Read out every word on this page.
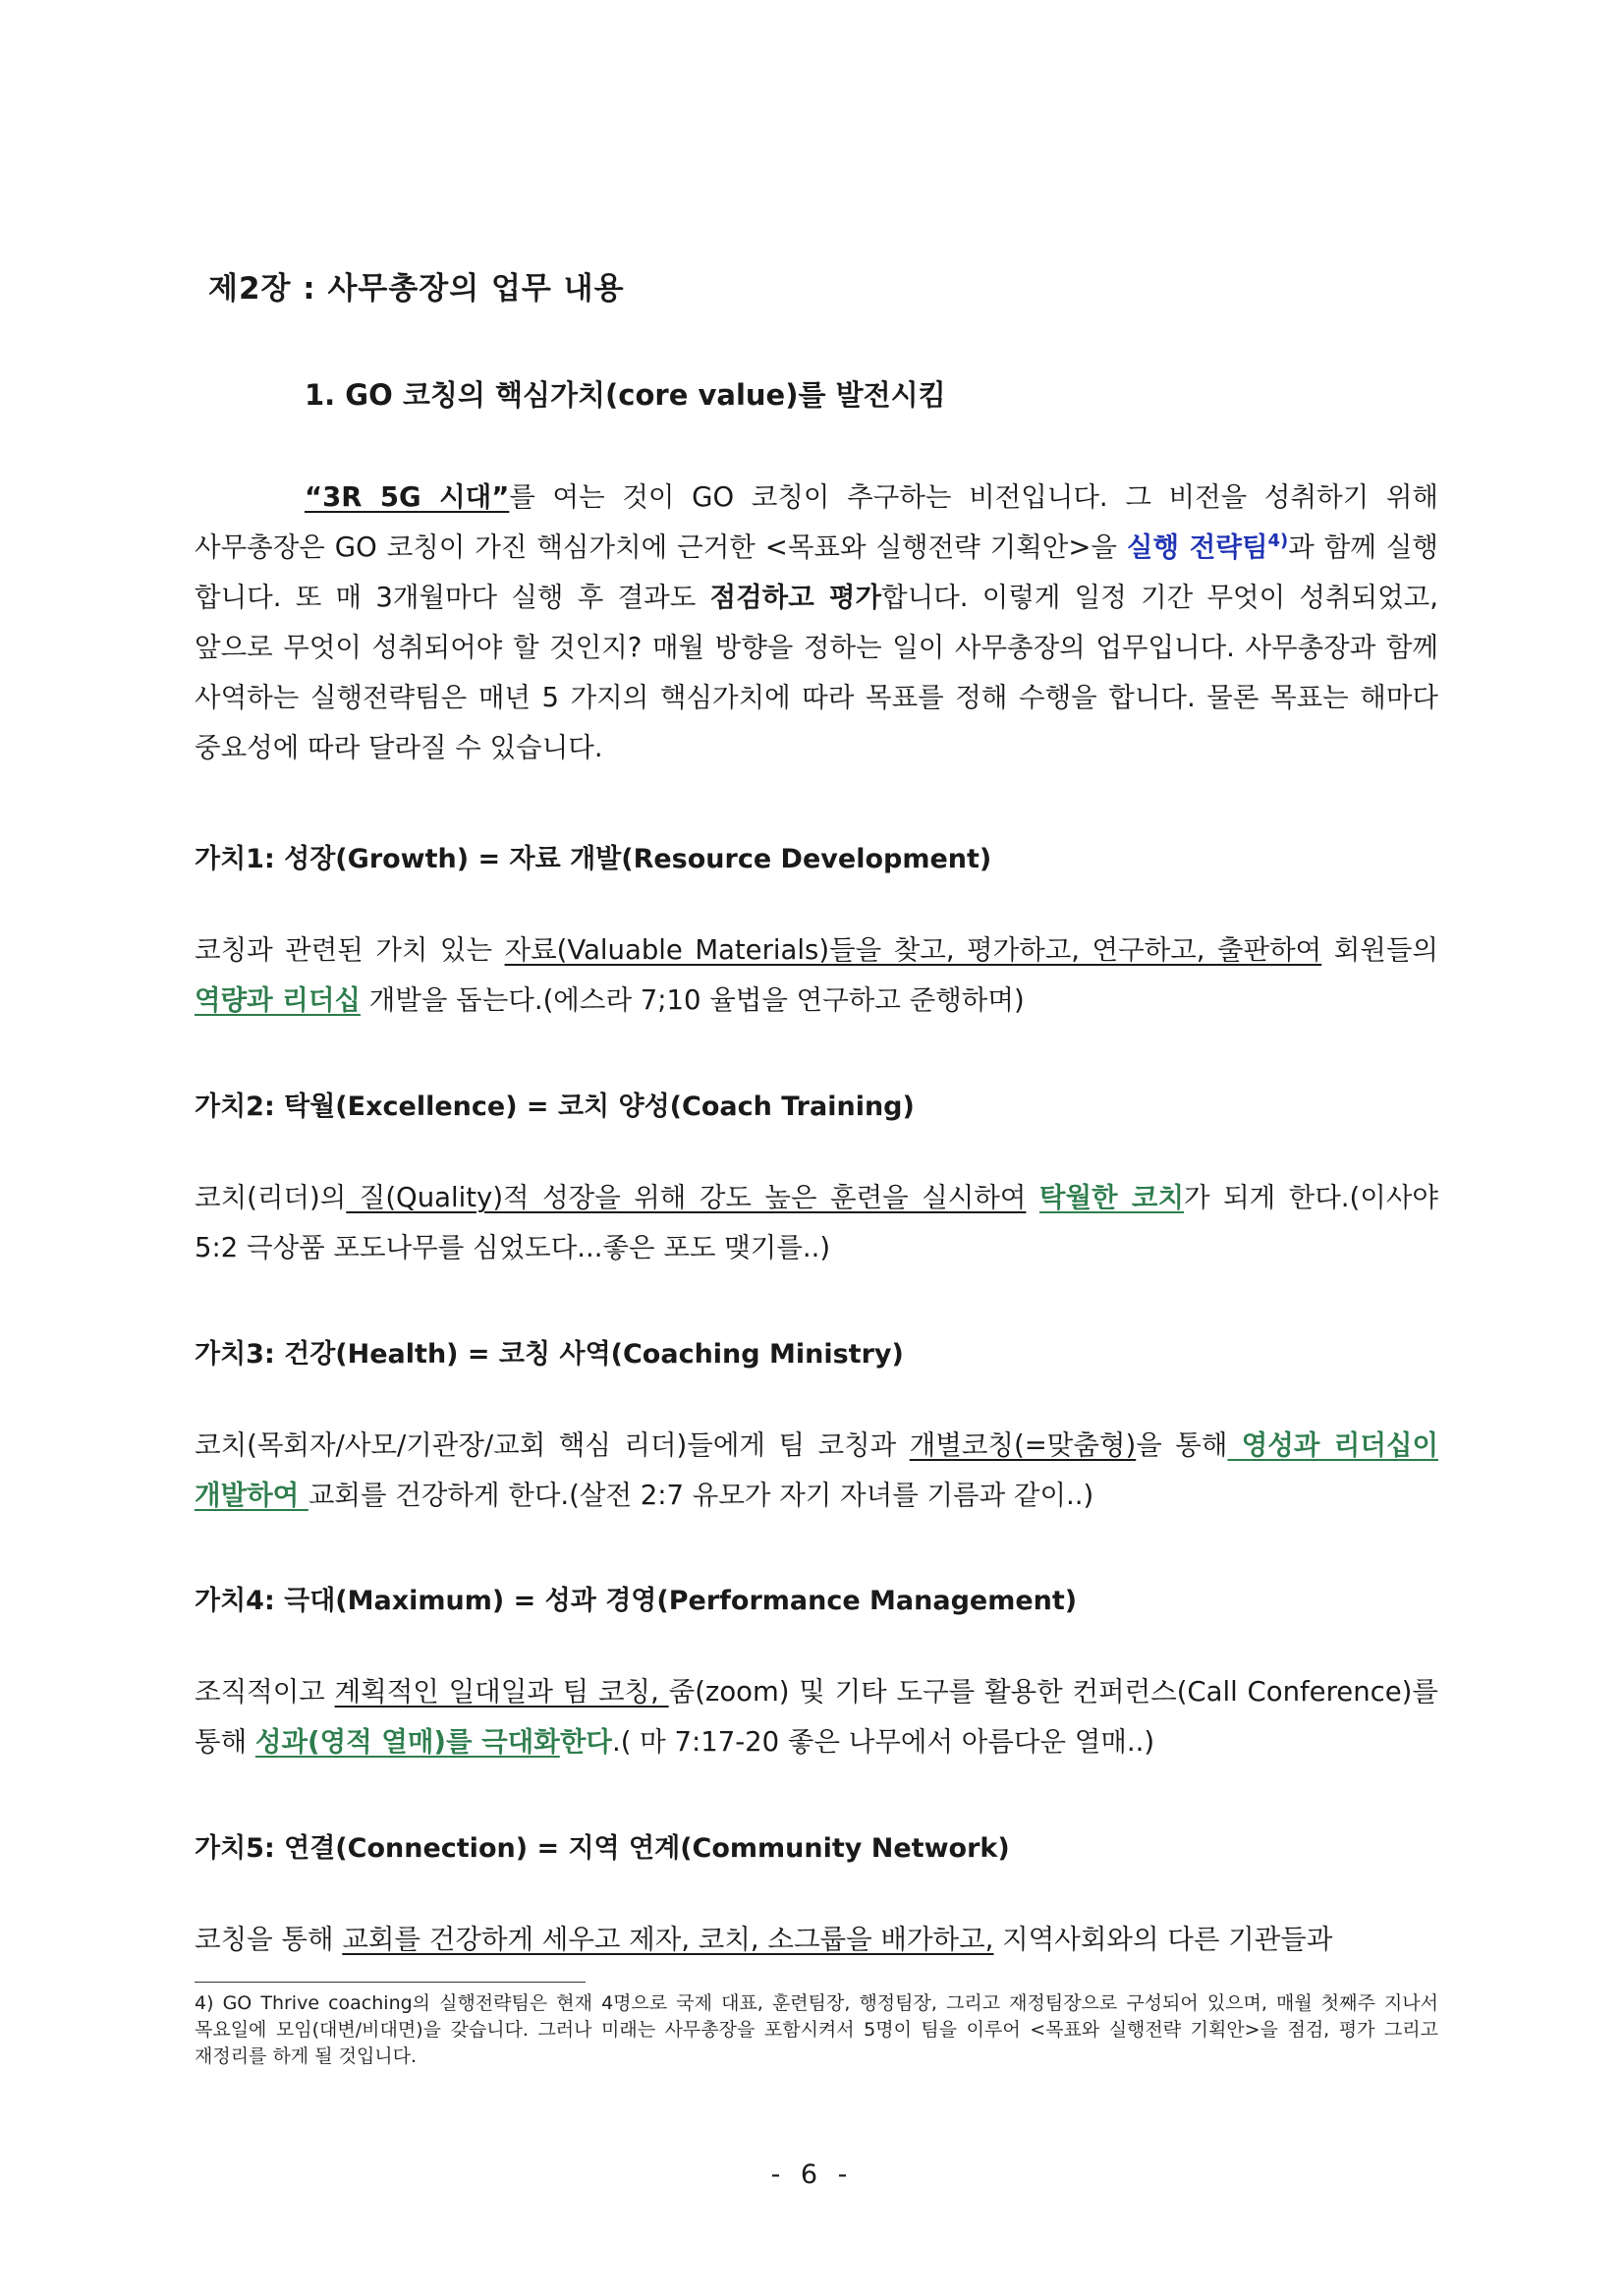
제2장 : 사무총장의 업무 내용
1. GO 코칭의 핵심가치(core value)를 발전시킴

“3R 5G 시대”를 여는 것이 GO 코칭이 추구하는 비전입니다. 그 비전을 성취하기 위해 사무총장은 GO 코칭이 가진 핵심가치에 근거한 <목표와 실행전략 기획안>을 실행 전략팀$^{4)}$과 함께 실행 합니다. 또 매 3개월마다 실행 후 결과도 점검하고 평가합니다. 이렇게 일정 기간 무엇이 성취되었고, 앞으로 무엇이 성취되어야 할 것인지? 매월 방향을 정하는 일이 사무총장의 업무입니다. 사무총장과 함께 사역하는 실행전략팀은 매년 5 가지의 핵심가치에 따라 목표를 정해 수행을 합니다. 물론 목표는 해마다 중요성에 따라 달라질 수 있습니다.

가치1: 성장(Growth) = 자료 개발(Resource Development)

코칭과 관련된 가치 있는 자료(Valuable Materials)들을 찾고, 평가하고, 연구하고, 출판하여 회원들의 역량과 리더십 개발을 돕는다.(에스라 7;10 율법을 연구하고 준행하며)

가치2: 탁월(Excellence) = 코치 양성(Coach Training)

코치(리더)의 질(Quality)적 성장을 위해 강도 높은 훈련을 실시하여 탁월한 코치가 되게 한다.(이사야 5:2 극상품 포도나무를 심었도다...좋은 포도 맺기를..)

가치3: 건강(Health) = 코칭 사역(Coaching Ministry)

코치(목회자/사모/기관장/교회 핵심 리더)들에게 팀 코칭과 개별코칭(=맞춤형)을 통해 영성과 리더십이 개발하여 교회를 건강하게 한다.(살전 2:7 유모가 자기 자녀를 기름과 같이..)

가치4: 극대(Maximum) = 성과 경영(Performance Management)

조직적이고 계획적인 일대일과 팀 코칭, 줌(zoom) 및 기타 도구를 활용한 컨퍼런스(Call Conference)를 통해 성과(영적 열매)를 극대화한다.( 마 7:17-20 좋은 나무에서 아름다운 열매..)

가치5: 연결(Connection) = 지역 연계(Community Network)

코칭을 통해 교회를 건강하게 세우고 제자, 코치, 소그룹을 배가하고, 지역사회와의 다른 기관들과

4) GO Thrive coaching의 실행전략팀은 현재 4명으로 국제 대표, 훈련팀장, 행정팀장, 그리고 재정팀장으로 구성되어 있으며, 매월 첫째주 지나서 목요일에 모임(대변/비대면)을 갖습니다. 그러나 미래는 사무총장을 포함시켜서 5명이 팀을 이루어 <목표와 실행전략 기획안>을 점검, 평가 그리고 재정리를 하게 될 것입니다.

- 6 -
